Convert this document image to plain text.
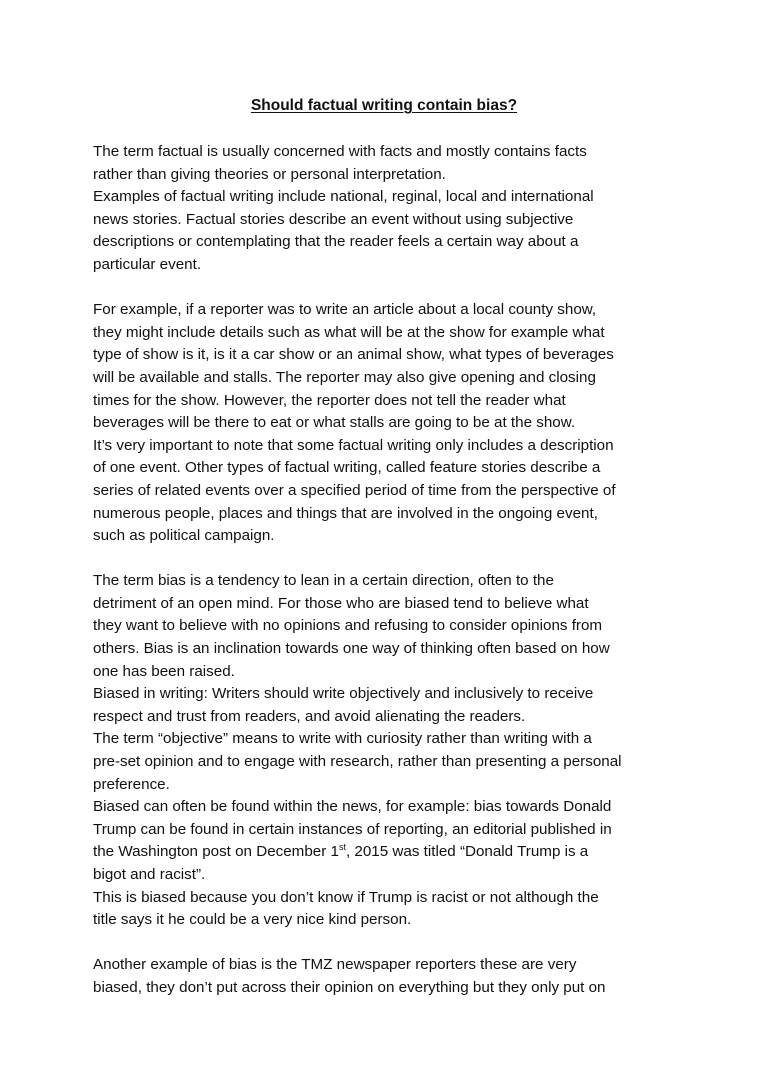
Should factual writing contain bias?

The term factual is usually concerned with facts and mostly contains facts

rather than giving theories or personal interpretation.

Examples of factual writing include national, reginal, local and international

news stories. Factual stories describe an event without using subjective

descriptions or contemplating that the reader feels a certain way about a

particular event.

For example, if a reporter was to write an article about a local county show,

they might include details such as what will be at the show for example what

type of show is it, is it a car show or an animal show, what types of beverages

will be available and stalls. The reporter may also give opening and closing

times for the show. However, the reporter does not tell the reader what

beverages will be there to eat or what stalls are going to be at the show.

It’s very important to note that some factual writing only includes a description

of one event. Other types of factual writing, called feature stories describe a

series of related events over a specified period of time from the perspective of

numerous people, places and things that are involved in the ongoing event,

such as political campaign.

The term bias is a tendency to lean in a certain direction, often to the

detriment of an open mind. For those who are biased tend to believe what

they want to believe with no opinions and refusing to consider opinions from

others. Bias is an inclination towards one way of thinking often based on how

one has been raised.

Biased in writing: Writers should write objectively and inclusively to receive

respect and trust from readers, and avoid alienating the readers.

The term “objective” means to write with curiosity rather than writing with a

pre-set opinion and to engage with research, rather than presenting a personal

preference.

Biased can often be found within the news, for example: bias towards Donald

Trump can be found in certain instances of reporting, an editorial published in

the Washington post on December 1st, 2015 was titled “Donald Trump is a

bigot and racist”.

This is biased because you don’t know if Trump is racist or not although the

title says it he could be a very nice kind person.

Another example of bias is the TMZ newspaper reporters these are very

biased, they don’t put across their opinion on everything but they only put on
